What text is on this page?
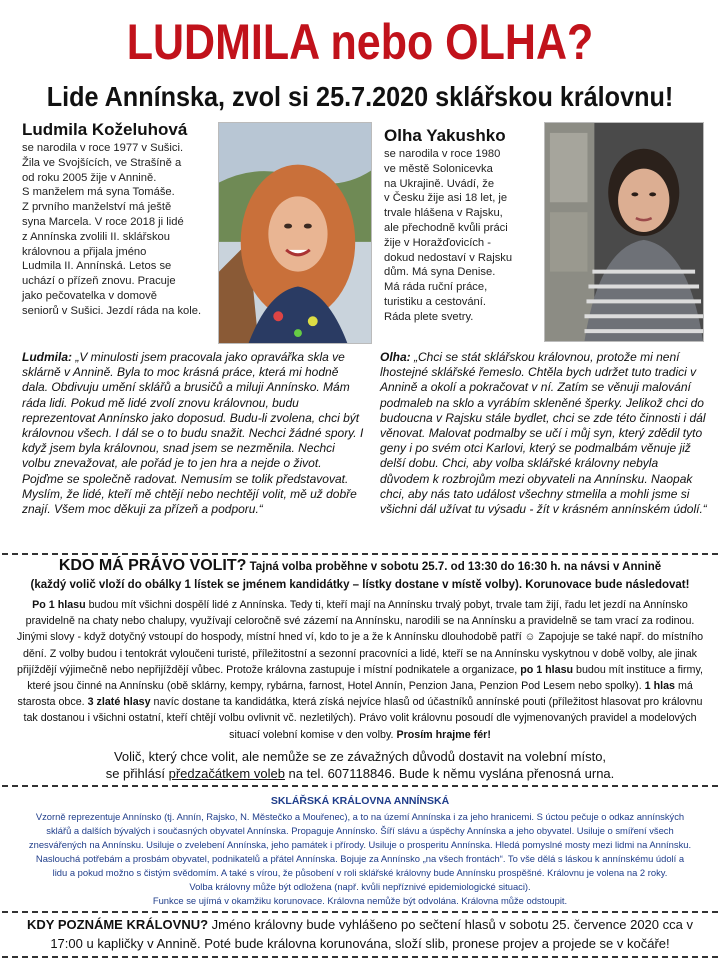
LUDMILA nebo OLHA?
Lide Annínska, zvol si 25.7.2020 sklářskou královnu!
Ludmila Koželuhová
se narodila v roce 1977 v Sušici.
Žila ve Svojšících, ve Strašíně a
od roku 2005 žije v Annině.
S manželem má syna Tomáše.
Z prvního manželství má ještě
syna Marcela. V roce 2018 ji lidé
z Annínska zvolili II. sklářskou
královnou a přijala jméno
Ludmila II. Annínská. Letos se
uchází o přízeň znovu. Pracuje
jako pečovatelka v domově
seniorů v Sušici. Jezdí ráda na kole.
Olha Yakushko
se narodila v roce 1980
ve městě Solonicevka
na Ukrajině. Uvádí, že
v Česku žije asi 18 let, je
trvale hlášena v Rajsku,
ale přechodně kvůli práci
žije v Horažďovicích -
dokud nedostaví v Rajsku
dům. Má syna Denise.
Má ráda ruční práce,
turistiku a cestování.
Ráda plete svetry.
Ludmila: „V minulosti jsem pracovala jako opravářka skla ve sklárně v Annině. Byla to moc krásná práce, která mi hodně dala. Obdivuju umění sklářů a brusičů a miluji Annínsko. Mám ráda lidi. Pokud mě lidé zvolí znovu královnou, budu reprezentovat Annínsko jako doposud. Budu-li zvolena, chci být královnou všech. I dál se o to budu snažit. Nechci žádné spory. I když jsem byla královnou, snad jsem se nezměnila. Nechci volbu znevažovat, ale pořád je to jen hra a nejde o život. Pojďme se společně radovat. Nemusím se tolik představovat. Myslím, že lidé, kteří mě chtějí nebo nechtějí volit, mě už dobře znají. Všem moc děkuji za přízeň a podporu.“
Olha: „Chci se stát sklářskou královnou, protože mi není lhostejné sklářské řemeslo. Chtěla bych udržet tuto tradici v Annině a okolí a pokračovat v ní. Zatím se věnuji malování podmaleb na sklo a vyrábím skleněné šperky. Jelikož chci do budoucna v Rajsku stále bydlet, chci se zde této činnosti i dál věnovat. Malovat podmalby se učí i můj syn, který zdědil tyto geny i po svém otci Karlovi, který se podmalbám věnuje již delší dobu. Chci, aby volba sklářské královny nebyla důvodem k rozbrojům mezi obyvateli na Annínsku. Naopak chci, aby nás tato událost všechny stmelila a mohli jsme si všichni dál užívat tu výsadu - žít v krásném annínském údolí.“
KDO MÁ PRÁVO VOLIT? Tajná volba proběhne v sobotu 25.7. od 13:30 do 16:30 h. na návsi v Annině
(každý volič vloží do obálky 1 lístek se jménem kandidátky – lístky dostane v místě volby). Korunovace bude následovat!
Po 1 hlasu budou mít všichni dospělí lidé z Annínska. Tedy ti, kteří mají na Annínsku trvalý pobyt, trvale tam žijí, řadu let jezdí na Annínsko pravidelně na chaty nebo chalupy, využívají celoročně své zázemí na Annínsku, narodili se na Annínsku a pravidelně se tam vrací za rodinou. Jinými slovy - když dotyčný vstoupí do hospody, místní hned ví, kdo to je a že k Annínsku dlouhodobě patří ☺ Zapojuje se také např. do místního dění. Z volby budou i tentokrát vyloučeni turisté, příležitostní a sezonní pracovníci a lidé, kteří se na Annínsku vyskytnou v době volby, ale jinak přijíždějí výjimečně nebo nepřijíždějí vůbec. Protože královna zastupuje i místní podnikatele a organizace, po 1 hlasu budou mít instituce a firmy, které jsou činné na Annínsku (obě sklárny, kempy, rybárna, farnost, Hotel Annín, Penzion Jana, Penzion Pod Lesem nebo spolky). 1 hlas má starosta obce. 3 zlaté hlasy navíc dostane ta kandidátka, která získá nejvíce hlasů od účastníků annínské pouti (příležitost hlasovat pro královnu tak dostanou i všichni ostatní, kteří chtějí volbu ovlivnit vč. nezletilých). Právo volit královnu posoudí dle vyjmenovaných pravidel a modelových situací volební komise v den volby. Prosím hrajme fér!
Volič, který chce volit, ale nemůže se ze závažných důvodů dostavit na volební místo,
se přihlásí předzačátkem voleb na tel. 607118846. Bude k němu vyslána přenosná urna.
SKLÁŘSKÁ KRÁLOVNA ANNÍNSKÁ
Vzorně reprezentuje Annínsko (tj. Annín, Rajsko, N. Městečko a Mouřenec), a to na území Annínska i za jeho hranicemi. S úctou pečuje o odkaz annínských
sklářů a dalších bývalých i současných obyvatel Annínska. Propaguje Annínsko. Šíří slávu a úspěchy Annínska a jeho obyvatel. Usiluje o smíření všech
znesvářených na Annínsku. Usiluje o zvelebení Annínska, jeho památek i přírody. Usiluje o prosperitu Annínska. Hledá pomyslné mosty mezi lidmi na Annínsku.
Naslouchá potřebám a prosbám obyvatel, podnikatelů a přátel Annínska. Bojuje za Annínsko „na všech frontách“. To vše dělá s láskou k annínskému údolí a
lidu a pokud možno s čistým svědomím. A také s vírou, že působení v roli sklářské královny bude Annínsku prospěšné. Královnu je volena na 2 roky.
Volba královny může být odložena (např. kvůli nepříznivé epidemiologické situaci).
Funkce se ujímá v okamžiku korunovace. Královna nemůže být odvolána. Královna může odstoupit.
KDY POZNÁME KRÁLOVNU? Jméno královny bude vyhlášeno po sečtení hlasů v sobotu 25. července 2020 cca v 17:00 u kapličky v Annině. Poté bude královna korunována, složí slib, pronese projev a projede se v kočáře!
